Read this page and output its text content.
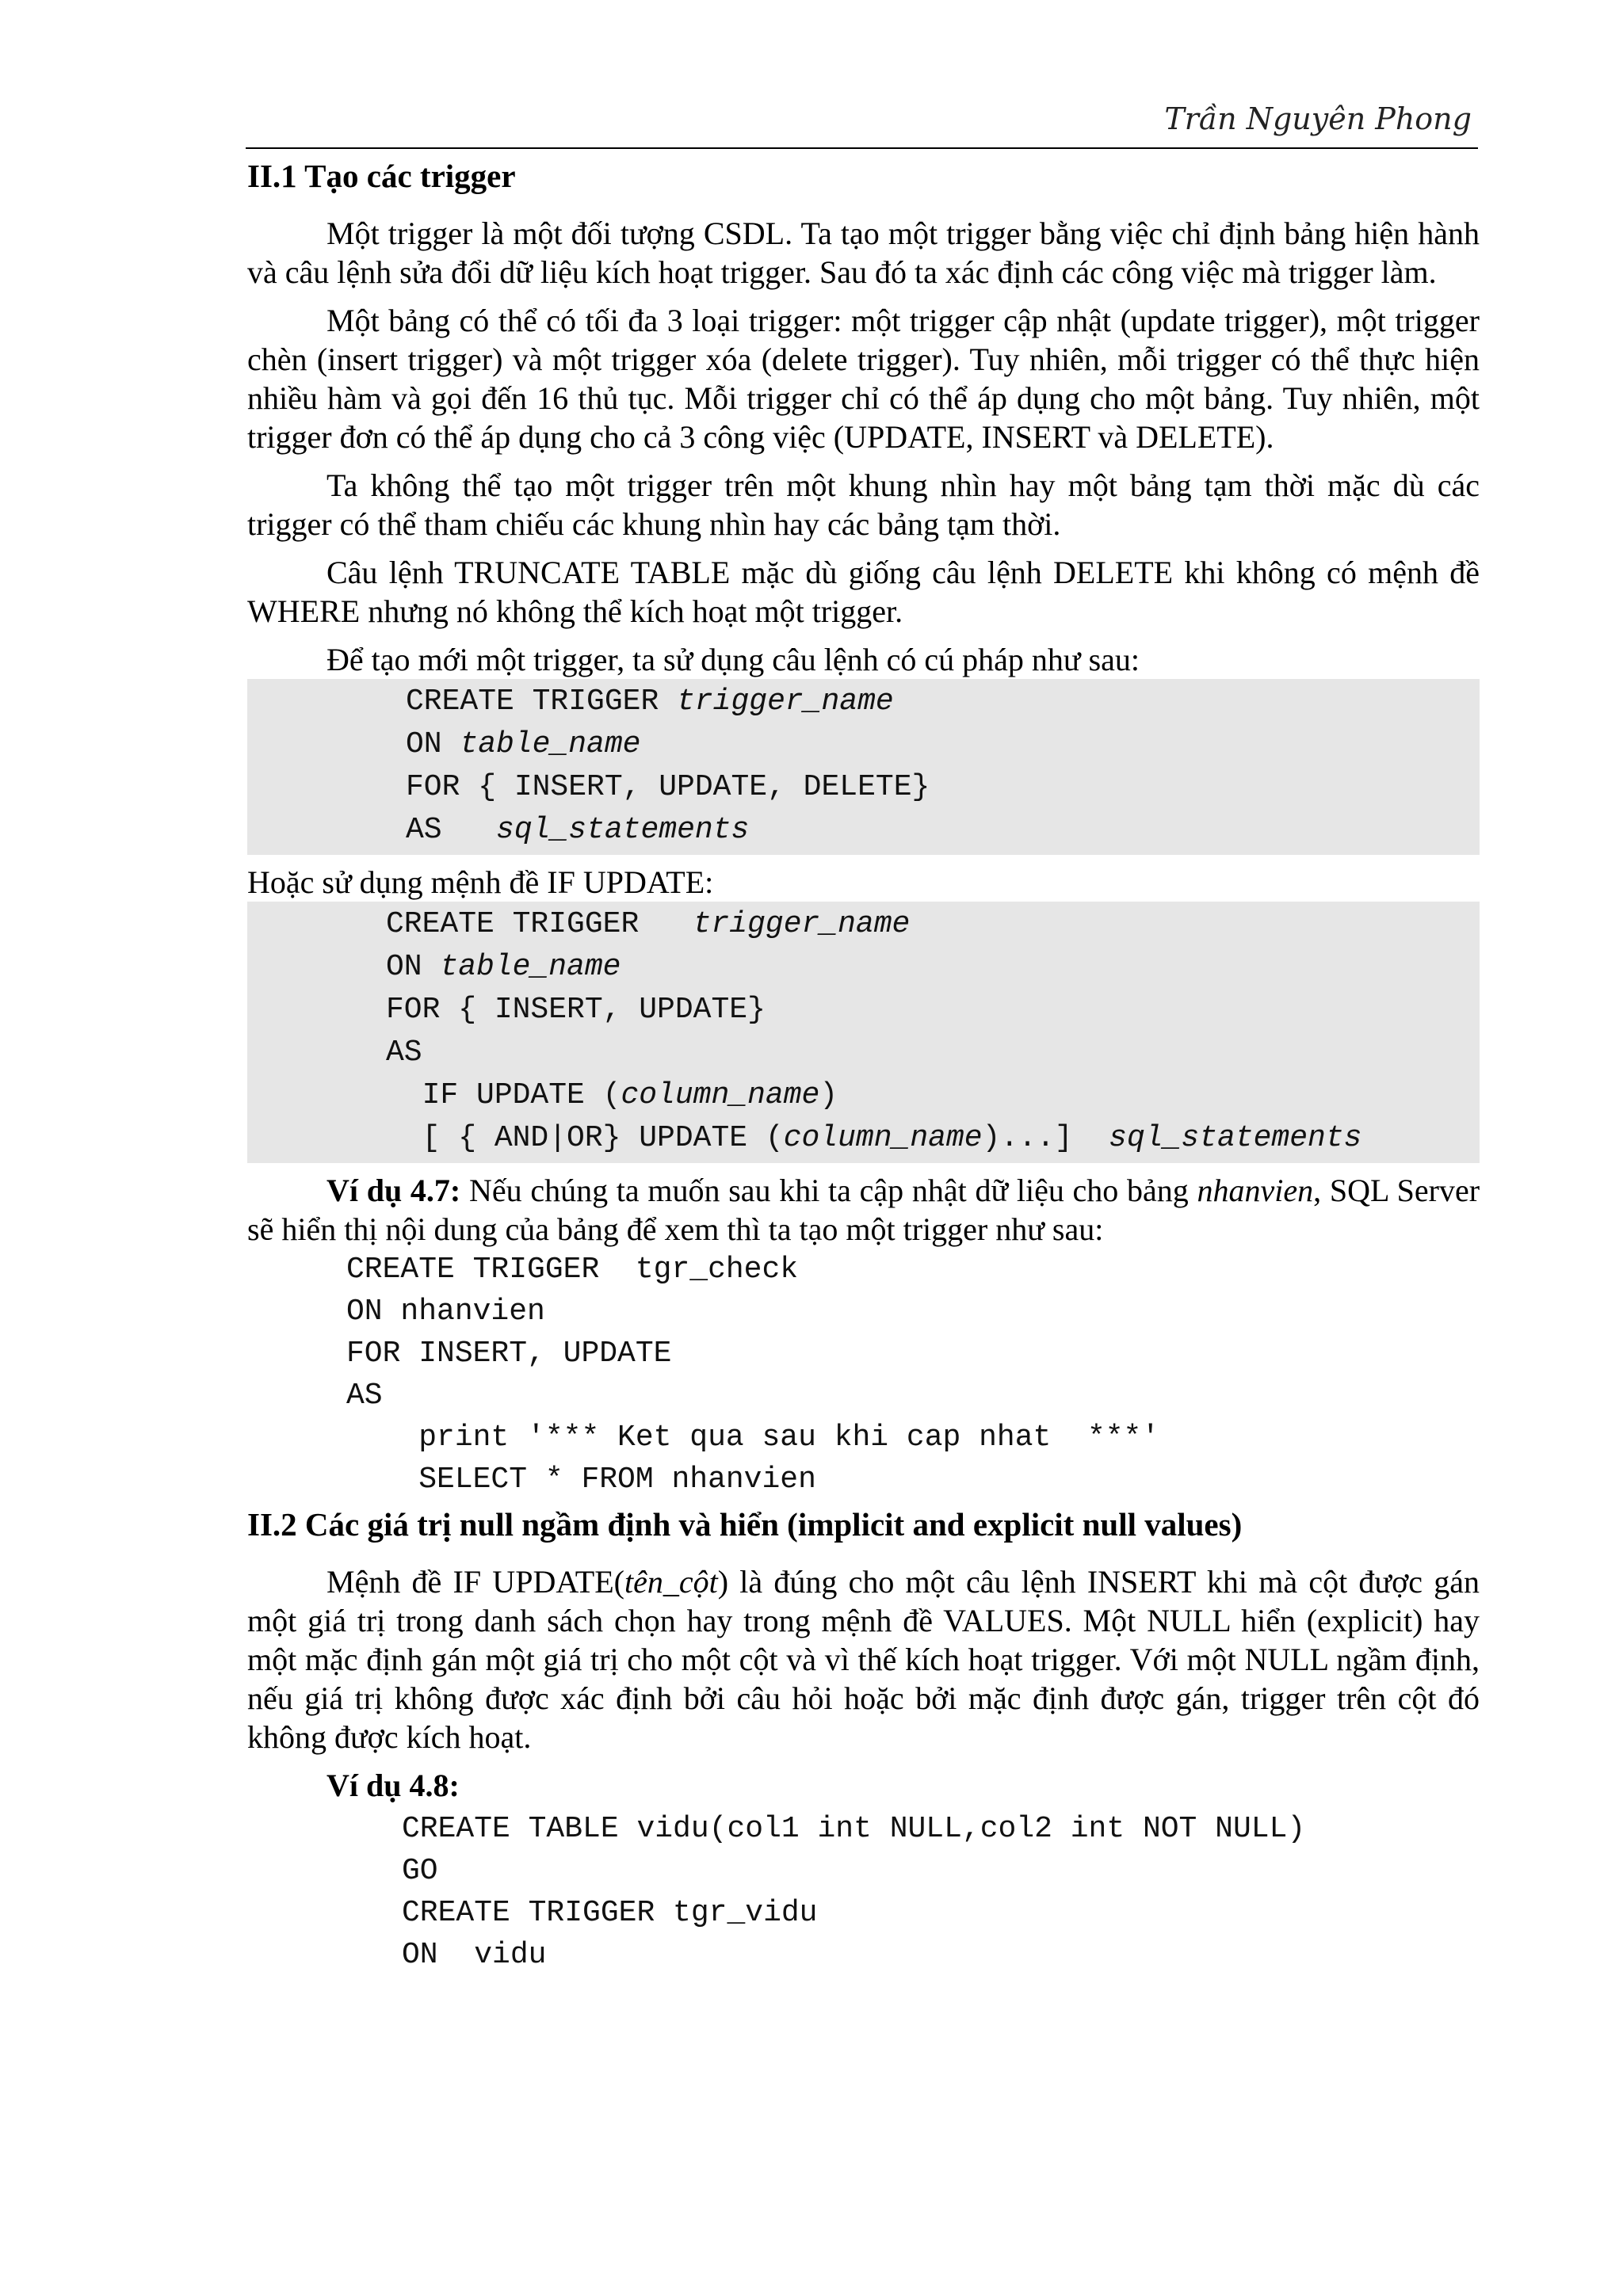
Trần Nguyên Phong
II.1 Tạo các trigger

Một trigger là một đối tượng CSDL. Ta tạo một trigger bằng việc chỉ định bảng hiện hành và câu lệnh sửa đổi dữ liệu kích hoạt trigger. Sau đó ta xác định các công việc mà trigger làm.

Một bảng có thể có tối đa 3 loại trigger: một trigger cập nhật (update trigger), một trigger chèn (insert trigger) và một trigger xóa (delete trigger). Tuy nhiên, mỗi trigger có thể thực hiện nhiều hàm và gọi đến 16 thủ tục. Mỗi trigger chỉ có thể áp dụng cho một bảng. Tuy nhiên, một trigger đơn có thể áp dụng cho cả 3 công việc (UPDATE, INSERT và DELETE).

Ta không thể tạo một trigger trên một khung nhìn hay một bảng tạm thời mặc dù các trigger có thể tham chiếu các khung nhìn hay các bảng tạm thời.

Câu lệnh TRUNCATE TABLE mặc dù giống câu lệnh DELETE khi không có mệnh đề WHERE nhưng nó không thể kích hoạt một trigger.

Để tạo mới một trigger, ta sử dụng câu lệnh có cú pháp như sau:

CREATE TRIGGER trigger_name
ON table_name
FOR { INSERT, UPDATE, DELETE}
AS   sql_statements

Hoặc sử dụng mệnh đề IF UPDATE:

CREATE TRIGGER   trigger_name
ON table_name
FOR { INSERT, UPDATE}
AS
IF UPDATE (column_name)
[ { AND|OR} UPDATE (column_name)...]  sql_statements

Ví dụ 4.7: Nếu chúng ta muốn sau khi ta cập nhật dữ liệu cho bảng nhanvien, SQL Server sẽ hiển thị nội dung của bảng để xem thì ta tạo một trigger như sau:

CREATE TRIGGER  tgr_check
ON nhanvien
FOR INSERT, UPDATE
AS
print '*** Ket qua sau khi cap nhat  ***'
SELECT * FROM nhanvien
II.2 Các giá trị null ngầm định và hiển (implicit and explicit null values)

Mệnh đề IF UPDATE(tên_cột) là đúng cho một câu lệnh INSERT khi mà cột được gán một giá trị trong danh sách chọn hay trong mệnh đề VALUES. Một NULL hiển (explicit) hay một mặc định gán một giá trị cho một cột và vì thế kích hoạt trigger. Với một NULL ngầm định, nếu giá trị không được xác định bởi câu hỏi hoặc bởi mặc định được gán, trigger trên cột đó không được kích hoạt.

Ví dụ 4.8:

CREATE TABLE vidu(col1 int NULL,col2 int NOT NULL)
GO
CREATE TRIGGER tgr_vidu
ON  vidu
